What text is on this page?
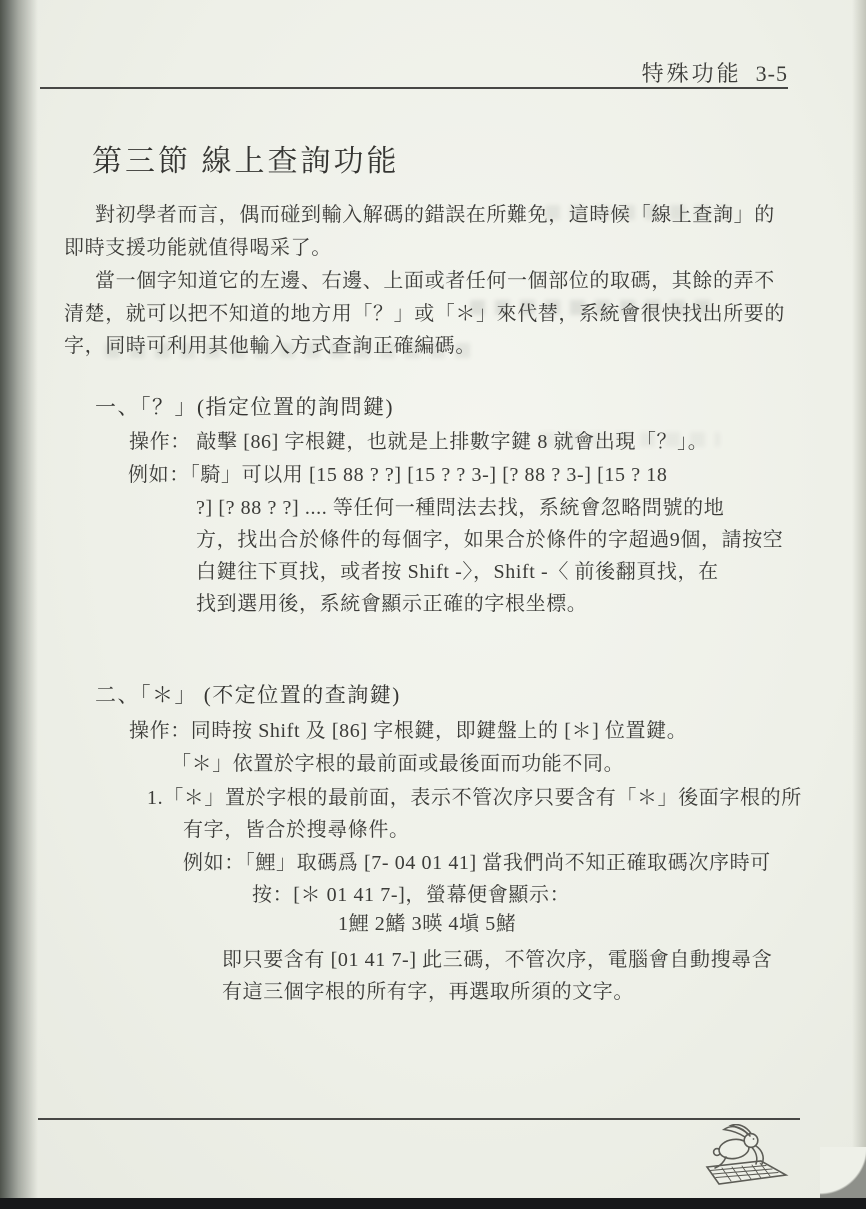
特殊功能 3-5
第三節 線上查詢功能
對初學者而言，偶而碰到輸入解碼的錯誤在所難免，這時候「線上查詢」的
即時支援功能就值得喝采了。
當一個字知道它的左邊、右邊、上面或者任何一個部位的取碼，其餘的弄不
清楚，就可以把不知道的地方用「？」或「＊」來代替，系統會很快找出所要的
字，同時可利用其他輸入方式查詢正確編碼。
一、「？」(指定位置的詢問鍵)
操作： 敲擊 [86] 字根鍵，也就是上排數字鍵 8 就會出現「？」。
例如：「騎」可以用 [15 88 ? ?] [15 ? ? 3-] [? 88 ? 3-] [15 ? 18
?] [? 88 ? ?] .... 等任何一種問法去找，系統會忽略問號的地
方，找出合於條件的每個字，如果合於條件的字超過9個，請按空
白鍵往下頁找，或者按 Shift -〉，Shift -〈 前後翻頁找，在
找到選用後，系統會顯示正確的字根坐標。
二、「＊」 (不定位置的查詢鍵)
操作：同時按 Shift 及 [86] 字根鍵，即鍵盤上的 [＊] 位置鍵。
「＊」依置於字根的最前面或最後面而功能不同。
1.「＊」置於字根的最前面，表示不管次序只要含有「＊」後面字根的所
有字，皆合於搜尋條件。
例如：「鯉」取碼爲 [7- 04 01 41] 當我們尚不知正確取碼次序時可
按：[＊ 01 41 7-]，螢幕便會顯示：
1鯉 2鰭 3暎 4塡 5鯺
即只要含有 [01 41 7-] 此三碼，不管次序，電腦會自動搜尋含
有這三個字根的所有字，再選取所須的文字。
